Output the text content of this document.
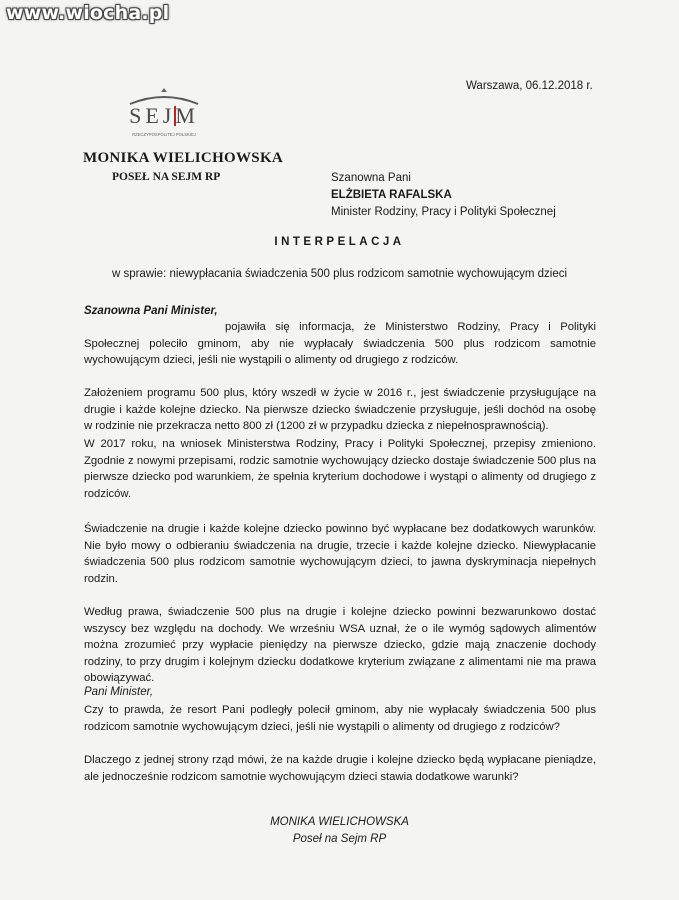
Warszawa, 06.12.2018 r.
SEJM
RZECZYPOSPOLITEJ POLSKIEJ
MONIKA WIELICHOWSKA
POSEŁ NA SEJM RP	Szanowna Pani
ELŻBIETA RAFALSKA
Minister Rodziny, Pracy i Polityki Społecznej
INTERPELACJA
w sprawie: niewypłacania świadczenia 500 plus rodzicom samotnie wychowującym dzieci
Szanowna Pani Minister,

pojawiła się informacja, że Ministerstwo Rodziny, Pracy i Polityki Społecznej poleciło gminom, aby nie wypłacały świadczenia 500 plus rodzicom samotnie wychowującym dzieci, jeśli nie wystąpili o alimenty od drugiego z rodziców.

Założeniem programu 500 plus, który wszedł w życie w 2016 r., jest świadczenie przysługujące na drugie i każde kolejne dziecko. Na pierwsze dziecko świadczenie przysługuje, jeśli dochód na osobę w rodzinie nie przekracza netto 800 zł (1200 zł w przypadku dziecka z niepełnosprawnością).

W 2017 roku, na wniosek Ministerstwa Rodziny, Pracy i Polityki Społecznej, przepisy zmieniono. Zgodnie z nowymi przepisami, rodzic samotnie wychowujący dziecko dostaje świadczenie 500 plus na pierwsze dziecko pod warunkiem, że spełnia kryterium dochodowe i wystąpi o alimenty od drugiego z rodziców.

Świadczenie na drugie i każde kolejne dziecko powinno być wypłacane bez dodatkowych warunków. Nie było mowy o odbieraniu świadczenia na drugie, trzecie i każde kolejne dziecko. Niewypłacanie świadczenia 500 plus rodzicom samotnie wychowującym dzieci, to jawna dyskryminacja niepełnych rodzin.

Według prawa, świadczenie 500 plus na drugie i kolejne dziecko powinni bezwarunkowo dostać wszyscy bez względu na dochody. We wrześniu WSA uznał, że o ile wymóg sądowych alimentów można zrozumieć przy wypłacie pieniędzy na pierwsze dziecko, gdzie mają znaczenie dochody rodziny, to przy drugim i kolejnym dziecku dodatkowe kryterium związane z alimentami nie ma prawa obowiązywać.

Pani Minister,

Czy to prawda, że resort Pani podległy polecił gminom, aby nie wypłacały świadczenia 500 plus rodzicom samotnie wychowującym dzieci, jeśli nie wystąpili o alimenty od drugiego z rodziców?

Dlaczego z jednej strony rząd mówi, że na każde drugie i kolejne dziecko będą wypłacane pieniądze, ale jednocześnie rodzicom samotnie wychowującym dzieci stawia dodatkowe warunki?

MONIKA WIELICHOWSKA
Poseł na Sejm RP
www.wiocha.pl
